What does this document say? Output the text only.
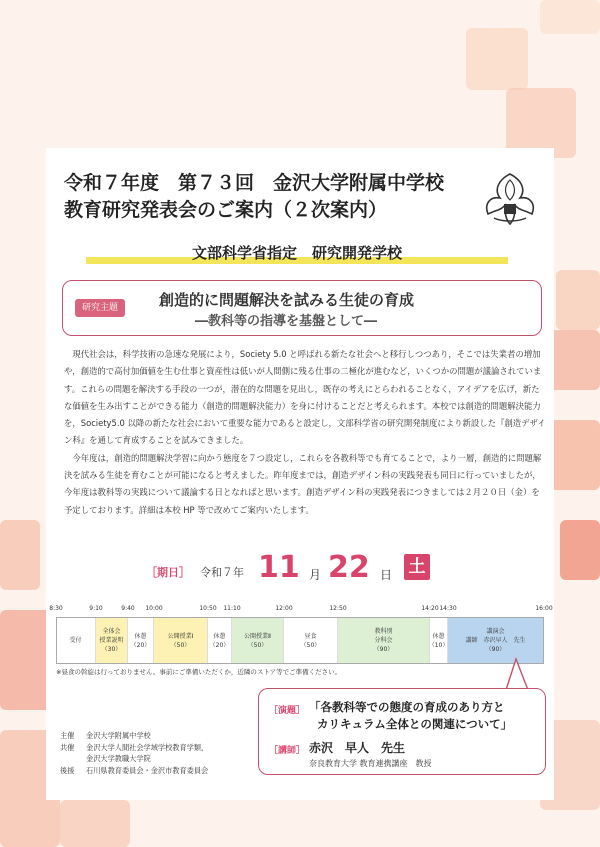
令和７年度　第７３回　金沢大学附属中学校
教育研究発表会のご案内（２次案内）
文部科学省指定　研究開発学校
研究主題	創造的に問題解決を試みる生徒の育成
―教科等の指導を基盤として―

現代社会は，科学技術の急速な発展により，Society 5.0 と呼ばれる新たな社会へと移行しつつあり，そこでは失業者の増加や，創造的で高付加価値を生む仕事と資産性は低いが人間側に残る仕事の二極化が進むなど，いくつかの問題が議論されています。これらの問題を解決する手段の一つが，潜在的な問題を見出し，既存の考えにとらわれることなく，アイデアを広げ，新たな価値を生み出すことができる能力（創造的問題解決能力）を身に付けることだと考えられます。本校では創造的問題解決能力を，Society5.0 以降の新たな社会において重要な能力であると設定し，文部科学省の研究開発制度により新設した『創造デザイン科』を通して育成することを試みてきました。

今年度は，創造的問題解決学習に向かう態度を７つ設定し，これらを各教科等でも育てることで，より一層，創造的に問題解決を試みる生徒を育むことが可能になると考えました。昨年度までは，創造デザイン科の実践発表も同日に行っていましたが，今年度は教科等の実践について議論する日となればと思います。創造デザイン科の実践発表につきましては２月２０日（金）を予定しております。詳細は本校 HP 等で改めてご案内いたします。

［期日］ 令和７年 11 月 22 日 土
8:30	9:10	9:40 10:00	10:50 11:10	12:00	12:50	14:20 14:30	16:00
受付
全体会
授業説明
（30）
休憩
（20）
公開授業Ⅰ
（50）
休憩
（20）
公開授業Ⅱ
（50）
昼食
（50）
教科別
分科会
（90）
休憩
（10）
講演会
講師　赤沢早人　先生
（90）
※昼食の斡旋は行っておりません。事前にご準備いただくか，近隣のストア等でご準備ください。
［演題］ 「各教科等での態度の育成のあり方と
カリキュラム全体との関連について」
［講師］ 赤沢　早人　先生
奈良教育大学 教育連携講座　教授
主催	金沢大学附属中学校
共催	金沢大学人間社会学域学校教育学類，
金沢大学教職大学院
後援	石川県教育委員会・金沢市教育委員会
